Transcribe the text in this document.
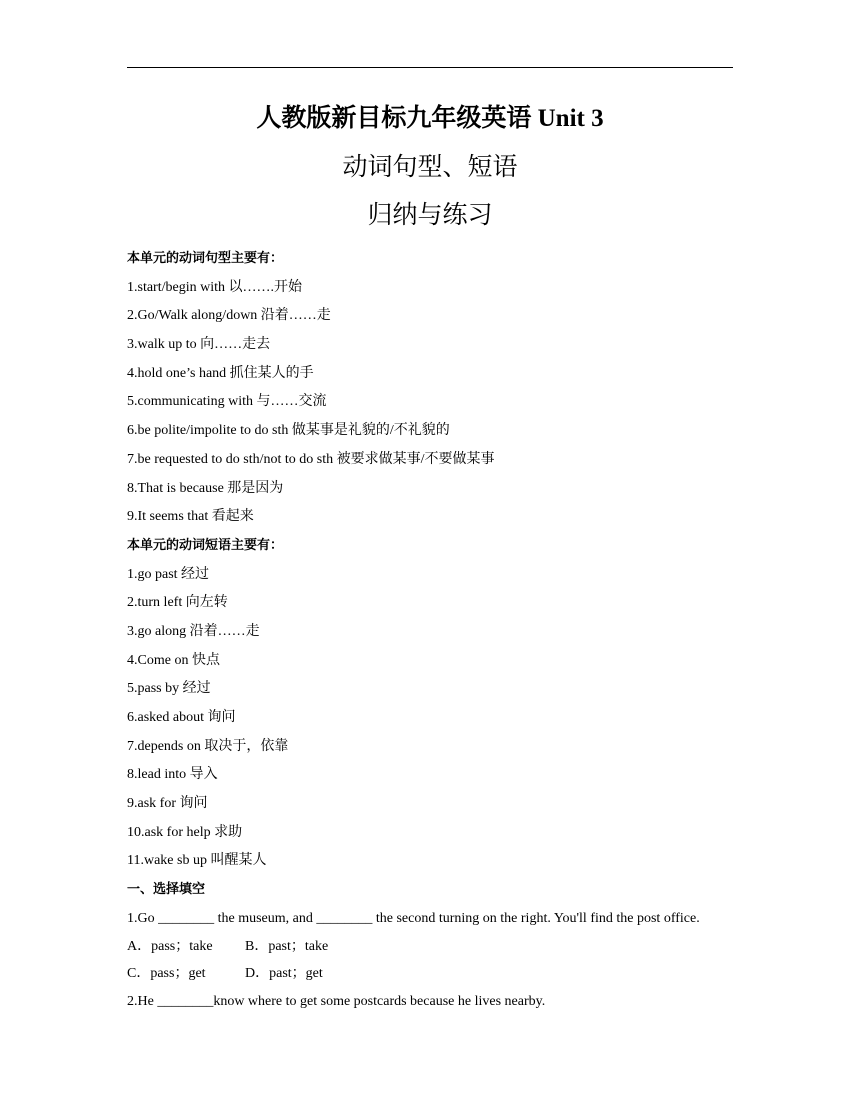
人教版新目标九年级英语 Unit 3
动词句型、短语
归纳与练习
本单元的动词句型主要有：
1.start/begin with 以…….开始
2.Go/Walk along/down 沿着……走
3.walk up to 向……走去
4.hold one’s hand 抓住某人的手
5.communicating with 与……交流
6.be polite/impolite to do sth 做某事是礼貌的/不礼貌的
7.be requested to do sth/not to do sth 被要求做某事/不要做某事
8.That is because 那是因为
9.It seems that 看起来
本单元的动词短语主要有：
1.go past 经过
2.turn left 向左转
3.go along 沿着……走
4.Come on 快点
5.pass by 经过
6.asked about 询问
7.depends on 取决于，依靠
8.lead into 导入
9.ask for 询问
10.ask for help 求助
11.wake sb up 叫醒某人
一、选择填空
1.Go ________ the museum, and ________ the second turning on the right. You'll find the post office.
A．pass；take B．past；take
C．pass；get	D．past；get
2.He ________know where to get some postcards because he lives nearby.
